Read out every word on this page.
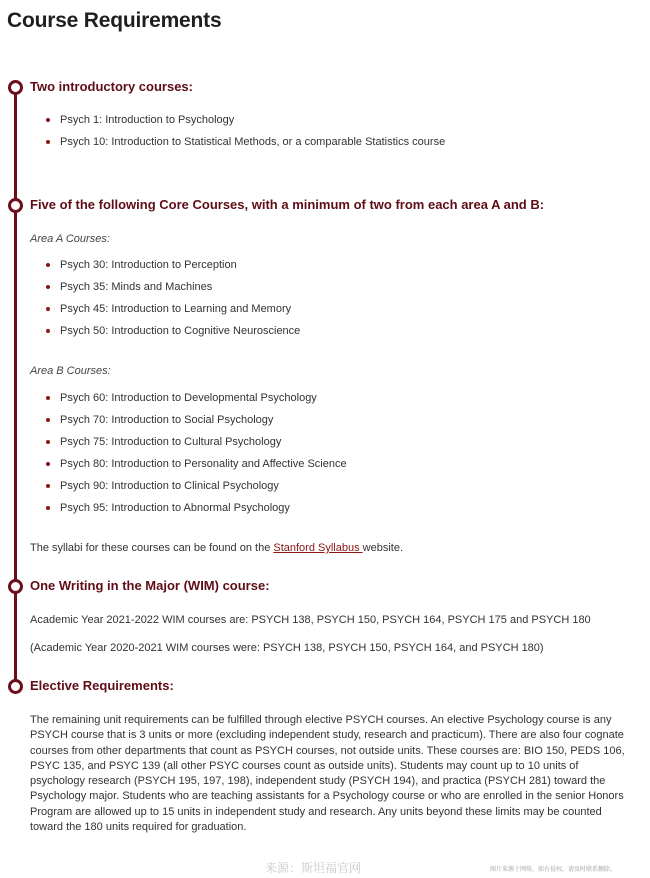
Course Requirements
Two introductory courses:
Psych 1: Introduction to Psychology
Psych 10: Introduction to Statistical Methods, or a comparable Statistics course
Five of the following Core Courses, with a minimum of two from each area A and B:
Area A Courses:
Psych 30: Introduction to Perception
Psych 35: Minds and Machines
Psych 45: Introduction to Learning and Memory
Psych 50: Introduction to Cognitive Neuroscience
Area B Courses:
Psych 60: Introduction to Developmental Psychology
Psych 70: Introduction to Social Psychology
Psych 75: Introduction to Cultural Psychology
Psych 80: Introduction to Personality and Affective Science
Psych 90: Introduction to Clinical Psychology
Psych 95: Introduction to Abnormal Psychology
The syllabi for these courses can be found on the Stanford Syllabus website.
One Writing in the Major (WIM) course:
Academic Year 2021-2022 WIM courses are: PSYCH 138, PSYCH 150, PSYCH 164, PSYCH 175 and PSYCH 180
(Academic Year 2020-2021 WIM courses were: PSYCH 138, PSYCH 150, PSYCH 164, and PSYCH 180)
Elective Requirements:

The remaining unit requirements can be fulfilled through elective PSYCH courses. An elective Psychology course is any PSYCH course that is 3 units or more (excluding independent study, research and practicum). There are also four cognate courses from other departments that count as PSYCH courses, not outside units. These courses are: BIO 150, PEDS 106, PSYC 135, and PSYC 139 (all other PSYC courses count as outside units). Students may count up to 10 units of psychology research (PSYCH 195, 197, 198), independent study (PSYCH 194), and practica (PSYCH 281) toward the Psychology major. Students who are teaching assistants for a Psychology course or who are enrolled in the senior Honors Program are allowed up to 15 units in independent study and research. Any units beyond these limits may be counted toward the 180 units required for graduation.

来源：斯坦福官网	图片来源于网络，如有侵权，请及时联系删除。
